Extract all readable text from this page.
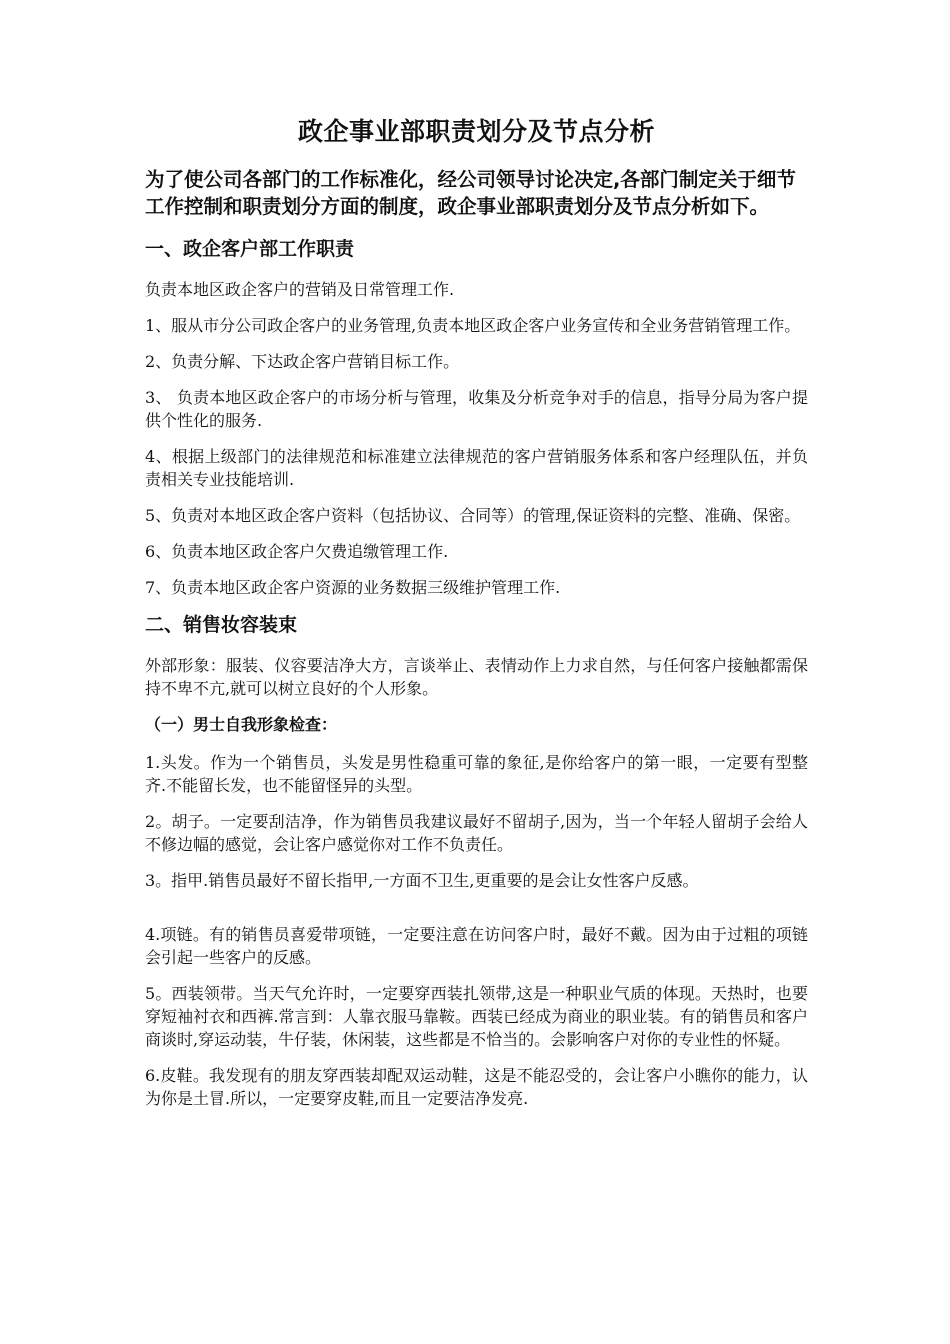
政企事业部职责划分及节点分析
为了使公司各部门的工作标准化，经公司领导讨论决定,各部门制定关于细节工作控制和职责划分方面的制度，政企事业部职责划分及节点分析如下。
一、政企客户部工作职责
负责本地区政企客户的营销及日常管理工作.
1、服从市分公司政企客户的业务管理,负责本地区政企客户业务宣传和全业务营销管理工作。
2、负责分解、下达政企客户营销目标工作。
3、 负责本地区政企客户的市场分析与管理，收集及分析竞争对手的信息，指导分局为客户提供个性化的服务.
4、根据上级部门的法律规范和标准建立法律规范的客户营销服务体系和客户经理队伍，并负责相关专业技能培训.
5、负责对本地区政企客户资料（包括协议、合同等）的管理,保证资料的完整、准确、保密。
6、负责本地区政企客户欠费追缴管理工作.
7、负责本地区政企客户资源的业务数据三级维护管理工作.
二、销售妆容装束
外部形象：服装、仪容要洁净大方，言谈举止、表情动作上力求自然，与任何客户接触都需保持不卑不亢,就可以树立良好的个人形象。
（一）男士自我形象检查：
1.头发。作为一个销售员，头发是男性稳重可靠的象征,是你给客户的第一眼，一定要有型整齐.不能留长发，也不能留怪异的头型。
2。胡子。一定要刮洁净，作为销售员我建议最好不留胡子,因为，当一个年轻人留胡子会给人不修边幅的感觉，会让客户感觉你对工作不负责任。
3。指甲.销售员最好不留长指甲,一方面不卫生,更重要的是会让女性客户反感。
4.项链。有的销售员喜爱带项链，一定要注意在访问客户时，最好不戴。因为由于过粗的项链会引起一些客户的反感。
5。西装领带。当天气允许时，一定要穿西装扎领带,这是一种职业气质的体现。天热时，也要穿短袖衬衣和西裤.常言到：人靠衣服马靠鞍。西装已经成为商业的职业装。有的销售员和客户商谈时,穿运动装，牛仔装，休闲装，这些都是不恰当的。会影响客户对你的专业性的怀疑。
6.皮鞋。我发现有的朋友穿西装却配双运动鞋，这是不能忍受的，会让客户小瞧你的能力，认为你是土冒.所以，一定要穿皮鞋,而且一定要洁净发亮.
